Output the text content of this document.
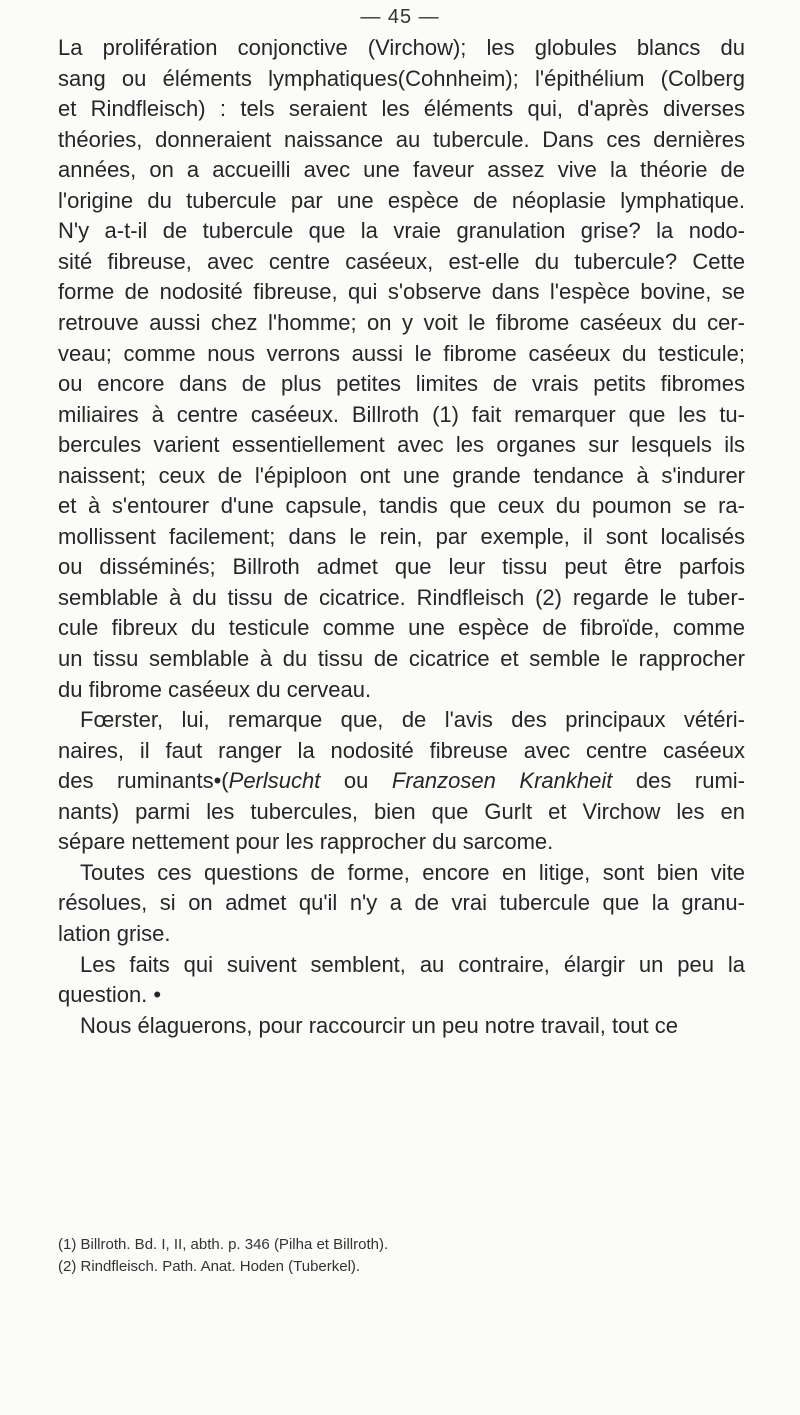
— 45 —
La prolifération conjonctive (Virchow); les globules blancs du
sang ou éléments lymphatiques(Cohnheim); l'épithélium (Colberg
et Rindfleisch) : tels seraient les éléments qui, d'après diverses
théories, donneraient naissance au tubercule. Dans ces dernières
années, on a accueilli avec une faveur assez vive la théorie de
l'origine du tubercule par une espèce de néoplasie lymphatique.
N'y a-t-il de tubercule que la vraie granulation grise? la nodo-
sité fibreuse, avec centre caséeux, est-elle du tubercule? Cette
forme de nodosité fibreuse, qui s'observe dans l'espèce bovine, se
retrouve aussi chez l'homme; on y voit le fibrome caséeux du cer-
veau; comme nous verrons aussi le fibrome caséeux du testicule;
ou encore dans de plus petites limites de vrais petits fibromes
miliaires à centre caséeux. Billroth (1) fait remarquer que les tu-
bercules varient essentiellement avec les organes sur lesquels ils
naissent; ceux de l'épiploon ont une grande tendance à s'indurer
et à s'entourer d'une capsule, tandis que ceux du poumon se ra-
mollissent facilement; dans le rein, par exemple, il sont localisés
ou disséminés; Billroth admet que leur tissu peut être parfois
semblable à du tissu de cicatrice. Rindfleisch (2) regarde le tuber-
cule fibreux du testicule comme une espèce de fibroïde, comme
un tissu semblable à du tissu de cicatrice et semble le rapprocher
du fibrome caséeux du cerveau.
Fœrster, lui, remarque que, de l'avis des principaux vétéri-
naires, il faut ranger la nodosité fibreuse avec centre caséeux
des ruminants•(Perlsucht ou Franzosen Krankheit des rumi-
nants) parmi les tubercules, bien que Gurlt et Virchow les en
sépare nettement pour les rapprocher du sarcome.
Toutes ces questions de forme, encore en litige, sont bien vite
résolues, si on admet qu'il n'y a de vrai tubercule que la granu-
lation grise.
Les faits qui suivent semblent, au contraire, élargir un peu la
question. •
Nous élaguerons, pour raccourcir un peu notre travail, tout ce
(1) Billroth. Bd. I, II, abth. p. 346 (Pilha et Billroth).
(2) Rindfleisch. Path. Anat. Hoden (Tuberkel).
